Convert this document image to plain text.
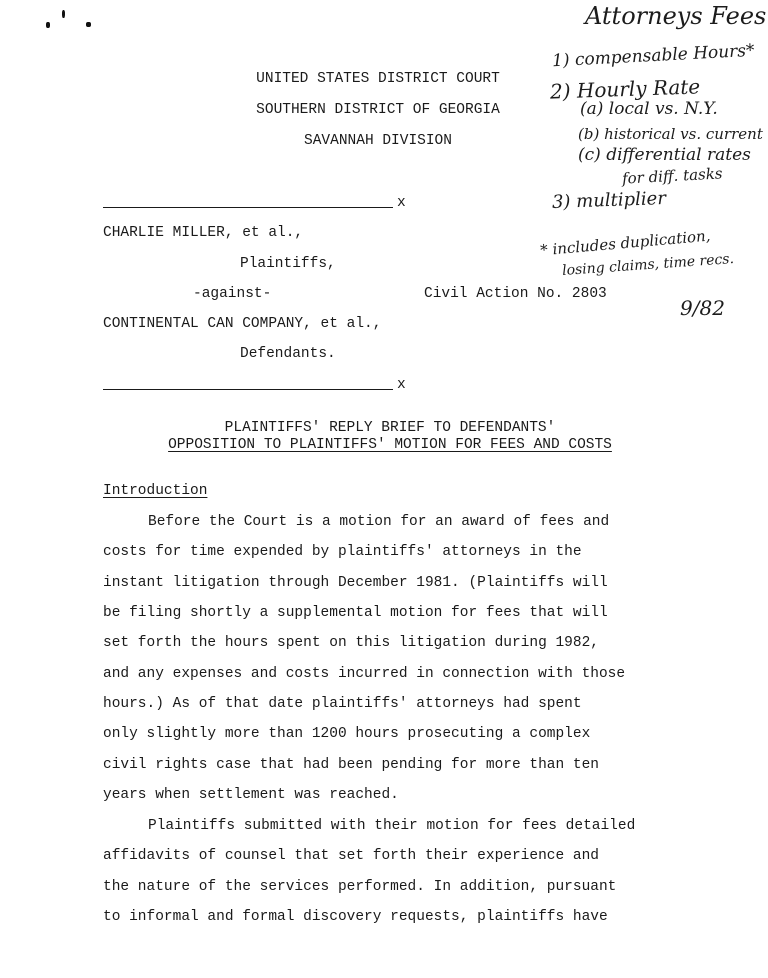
UNITED STATES DISTRICT COURT
SOUTHERN DISTRICT OF GEORGIA
SAVANNAH DIVISION
x
CHARLIE MILLER, et al.,
Plaintiffs,
-against-	Civil Action No. 2803
CONTINENTAL CAN COMPANY, et al.,
Defendants.
x
PLAINTIFFS' REPLY BRIEF TO DEFENDANTS'
OPPOSITION TO PLAINTIFFS' MOTION FOR FEES AND COSTS
Introduction
Before the Court is a motion for an award of fees and
costs for time expended by plaintiffs' attorneys in the
instant litigation through December 1981. (Plaintiffs will
be filing shortly a supplemental motion for fees that will
set forth the hours spent on this litigation during 1982,
and any expenses and costs incurred in connection with those
hours.) As of that date plaintiffs' attorneys had spent
only slightly more than 1200 hours prosecuting a complex
civil rights case that had been pending for more than ten
years when settlement was reached.
Plaintiffs submitted with their motion for fees detailed
affidavits of counsel that set forth their experience and
the nature of the services performed. In addition, pursuant
to informal and formal discovery requests, plaintiffs have
Attorneys Fees
1) compensable Hours*
2) Hourly Rate
(a) local vs. N.Y.
(b) historical vs. current
(c) differential rates
for diff. tasks
3) multiplier
* includes duplication,
losing claims, time recs.
9/82
